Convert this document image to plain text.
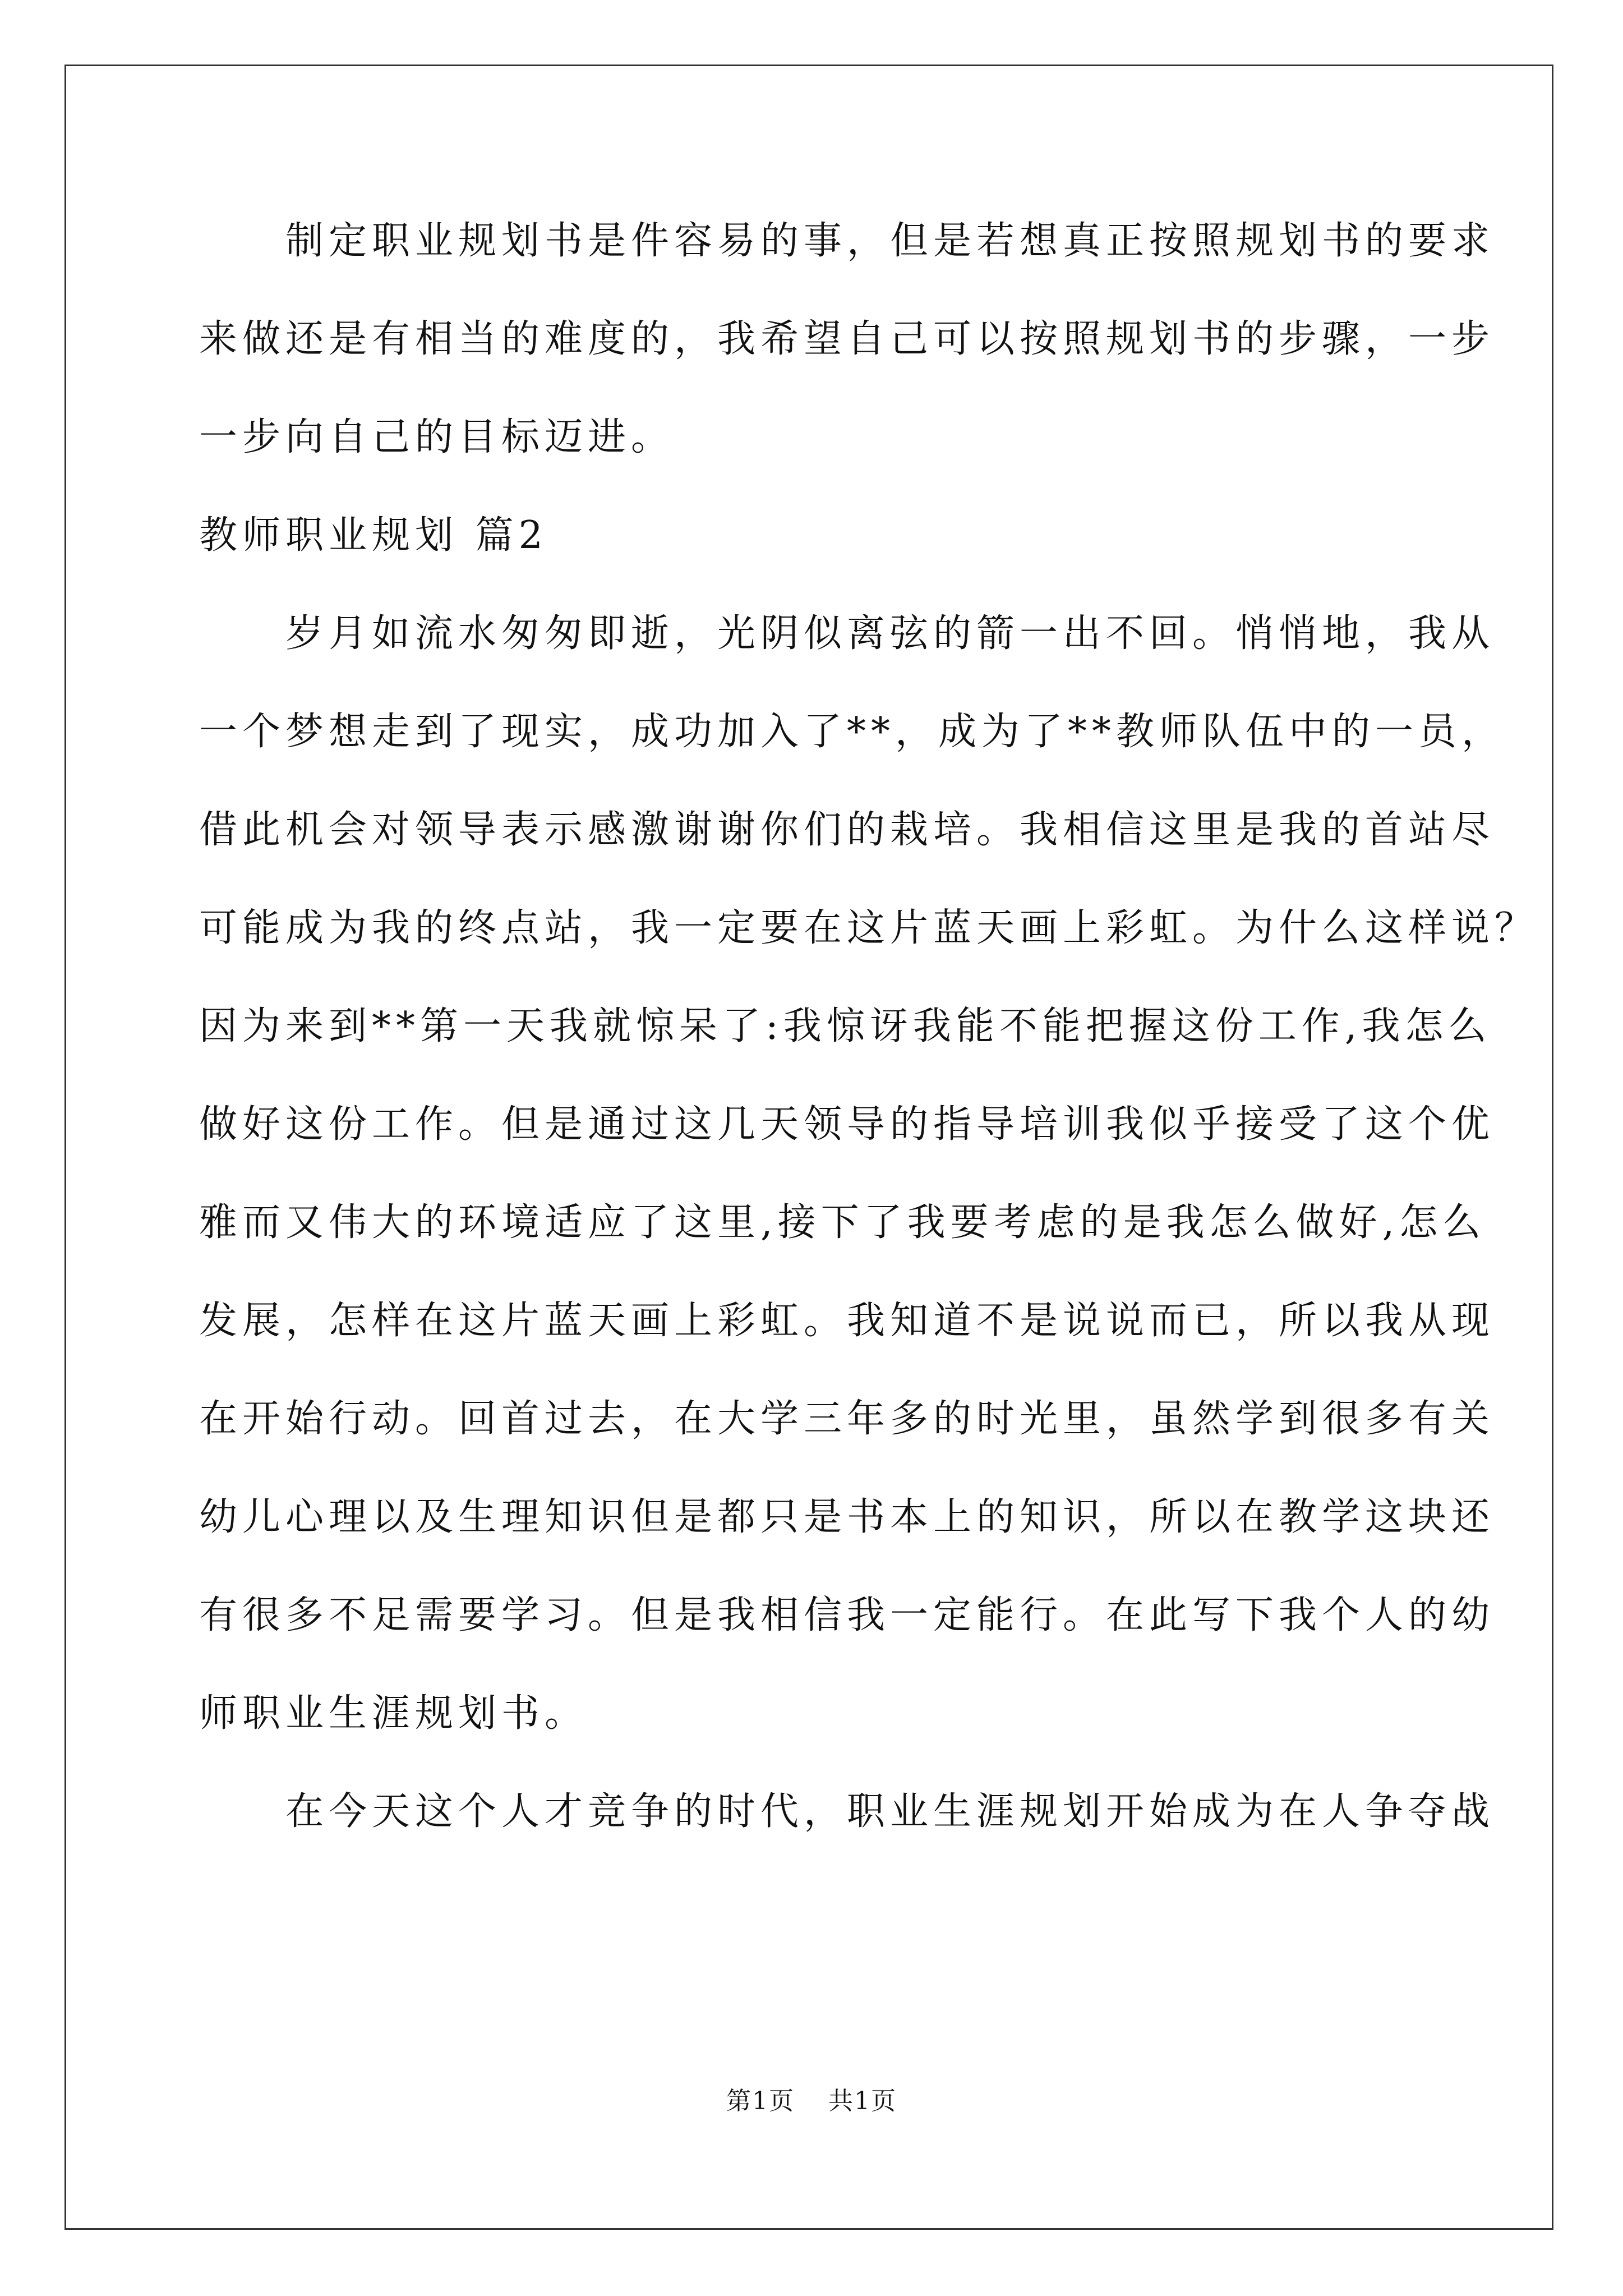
　　制定职业规划书是件容易的事，但是若想真正按照规划书的要求
来做还是有相当的难度的，我希望自己可以按照规划书的步骤，一步
一步向自己的目标迈进。
教师职业规划 篇2
　　岁月如流水匆匆即逝，光阴似离弦的箭一出不回。悄悄地，我从
一个梦想走到了现实，成功加入了**，成为了**教师队伍中的一员，
借此机会对领导表示感激谢谢你们的栽培。我相信这里是我的首站尽
可能成为我的终点站，我一定要在这片蓝天画上彩虹。为什么这样说？
因为来到**第一天我就惊呆了:我惊讶我能不能把握这份工作,我怎么
做好这份工作。但是通过这几天领导的指导培训我似乎接受了这个优
雅而又伟大的环境适应了这里,接下了我要考虑的是我怎么做好,怎么
发展，怎样在这片蓝天画上彩虹。我知道不是说说而已，所以我从现
在开始行动。回首过去，在大学三年多的时光里，虽然学到很多有关
幼儿心理以及生理知识但是都只是书本上的知识，所以在教学这块还
有很多不足需要学习。但是我相信我一定能行。在此写下我个人的幼
师职业生涯规划书。
　　在今天这个人才竞争的时代，职业生涯规划开始成为在人争夺战
第1页 共1页
